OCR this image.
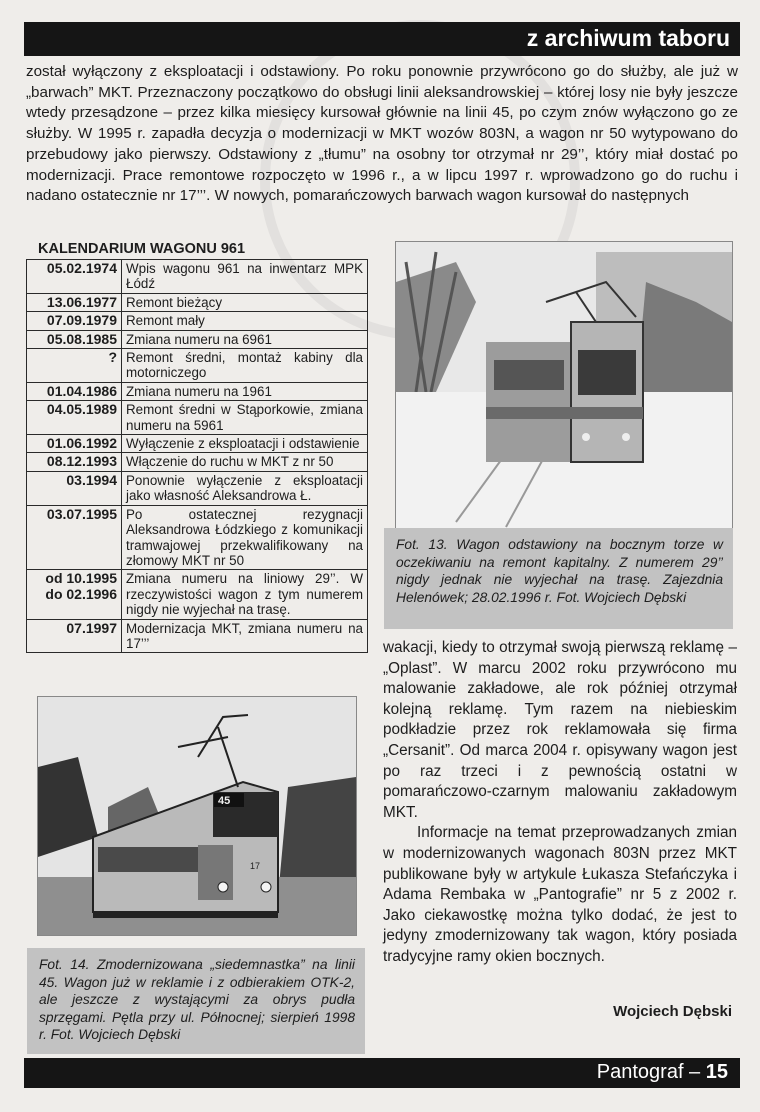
z archiwum taboru

został wyłączony z eksploatacji i odstawiony. Po roku ponownie przywrócono go do służby, ale już w „barwach” MKT. Przeznaczony początkowo do obsługi linii aleksandrowskiej – której losy nie były jeszcze wtedy przesądzone – przez kilka miesięcy kursował głównie na linii 45, po czym znów wyłączono go ze służby. W 1995 r. zapadła decyzja o modernizacji w MKT wozów 803N, a wagon nr 50 wytypowano do przebudowy jako pierwszy. Odstawiony z „tłumu” na osobny tor otrzymał nr 29’’, który miał dostać po modernizacji. Prace remontowe rozpoczęto w 1996 r., a w lipcu 1997 r. wprowadzono go do ruchu i nadano ostatecznie nr 17’’’. W nowych, pomarańczowych barwach wagon kursował do następnych

KALENDARIUM WAGONU 961
05.02.1974	Wpis wagonu 961 na inwentarz MPK Łódź
13.06.1977	Remont bieżący
07.09.1979	Remont mały
05.08.1985	Zmiana numeru na 6961
?	Remont średni, montaż kabiny dla motorniczego
01.04.1986	Zmiana numeru na 1961
04.05.1989	Remont średni w Stąporkowie, zmiana numeru na 5961
01.06.1992	Wyłączenie z eksploatacji i odstawienie
08.12.1993	Włączenie do ruchu w MKT z nr 50
03.1994	Ponownie wyłączenie z eksploatacji jako własność Aleksandrowa Ł.
03.07.1995	Po ostatecznej rezygnacji Aleksandrowa Łódzkiego z komunikacji tramwajowej przekwalifikowany na złomowy MKT nr 50
od 10.1995 do 02.1996	Zmiana numeru na liniowy 29’’. W rzeczywistości wagon z tym numerem nigdy nie wyjechał na trasę.
07.1997	Modernizacja MKT, zmiana numeru na 17’’’
Fot. 13. Wagon odstawiony na bocznym torze w oczekiwaniu na remont kapitalny. Z numerem 29’’ nigdy jednak nie wyjechał na trasę. Zajezdnia Helenówek; 28.02.1996 r. Fot. Wojciech Dębski
45
17
Fot. 14. Zmodernizowana „siedemnastka” na linii 45. Wagon już w reklamie i z odbierakiem OTK-2, ale jeszcze z wystającymi za obrys pudła sprzęgami. Pętla przy ul. Północnej; sierpień 1998 r. Fot. Wojciech Dębski

wakacji, kiedy to otrzymał swoją pierwszą reklamę – „Oplast”. W marcu 2002 roku przywrócono mu malowanie zakładowe, ale rok później otrzymał kolejną reklamę. Tym razem na niebieskim podkładzie przez rok reklamowała się firma „Cersanit”. Od marca 2004 r. opisywany wagon jest po raz trzeci i z pewnością ostatni w pomarańczowo-czarnym malowaniu zakładowym MKT.

Informacje na temat przeprowadzanych zmian w modernizowanych wagonach 803N przez MKT publikowane były w artykule Łukasza Stefańczyka i Adama Rembaka w „Pantografie” nr 5 z 2002 r. Jako ciekawostkę można tylko dodać, że jest to jedyny zmodernizowany tak wagon, który posiada tradycyjne ramy okien bocznych.

Wojciech Dębski
Pantograf – 15
